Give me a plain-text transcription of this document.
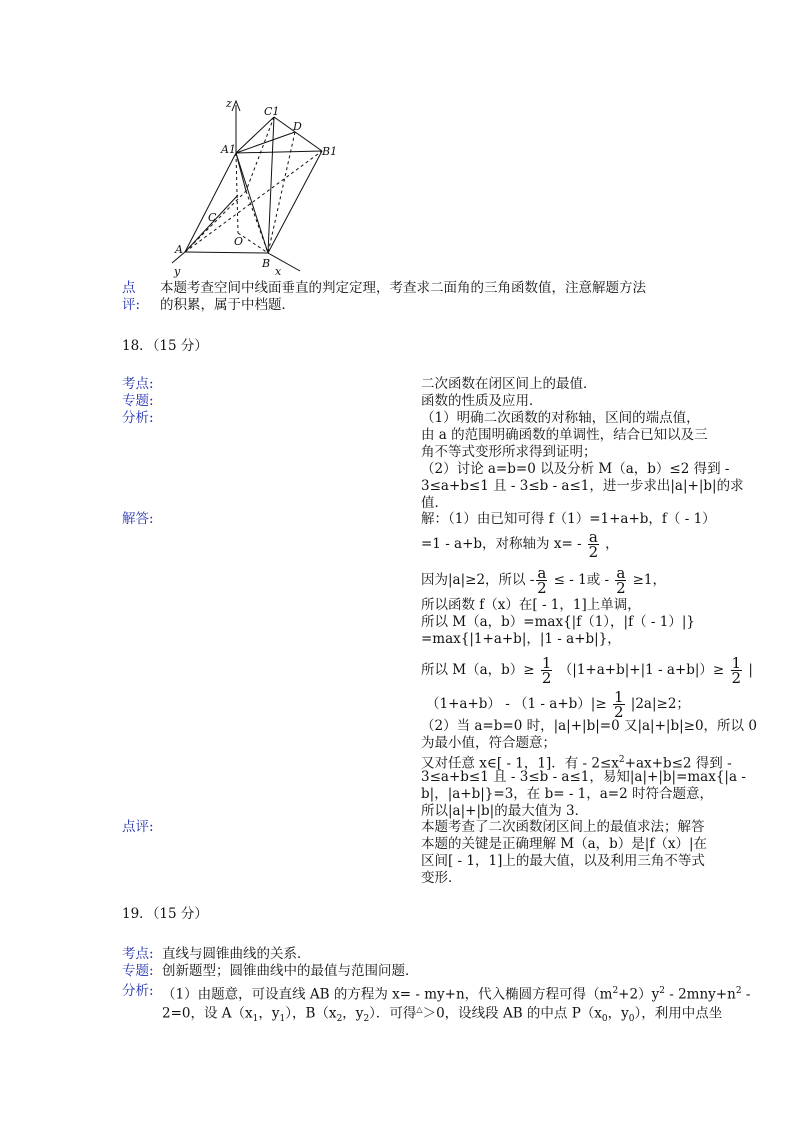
z
C1
D
A1	B1
C
O
A
B
y	x
点
评:
本题考查空间中线面垂直的判定定理，考查求二面角的三角函数值，注意解题方法
的积累，属于中档题．
18．（15 分）
考点:	二次函数在闭区间上的最值．
专题:	函数的性质及应用．
分析:	（1）明确二次函数的对称轴，区间的端点值，
由 a 的范围明确函数的单调性，结合已知以及三
角不等式变形所求得到证明；
（2）讨论 a=b=0 以及分析 M（a，b）≤2 得到 -
3≤a+b≤1 且 - 3≤b - a≤1，进一步求出|a|+|b|的求
值．
解答:	解：（1）由已知可得 f（1）=1+a+b，f（ - 1）
=1 - a+b，对称轴为 $x= - \frac{a}{2}$ ，
因为|a|≥2，所以 - $\frac{a}{2}$ ≤ - 1或 - $\frac{a}{2} \ge 1$，
所以函数 f（x）在[ - 1，1]上单调，
所以 M（a，b）=max{|f（1），|f（ - 1）|}
=max{|1+a+b|，|1 - a+b|}，
所以 M（a，$b)\ge \frac{1}{2} (|1+a+b|+|1 - a+b|)\ge \frac{1}{2}$ |
$(1+a+b) - (1 - a+b)|\ge \frac{1}{2} |2a|\ge 2$；
（2）当 a=b=0 时，|a|+|b|=0 又|a|+|b|≥0，所以 0
为最小值，符合题意；
又对任意 x∈[ - 1，1]．有 - $2\le x^2+ax+b\le 2$ 得到 -
3≤a+b≤1 且 - 3≤b - a≤1，易知|a|+|b|=max{|a -
b|，|a+b|}=3，在 b= - 1，a=2 时符合题意，
所以|a|+|b|的最大值为 3．
点评:	本题考查了二次函数闭区间上的最值求法；解答
本题的关键是正确理解 M（a，b）是|f（x）|在
区间[ - 1，1]上的最大值，以及利用三角不等式
变形．
19．（15 分）
考点: 直线与圆锥曲线的关系．
专题: 创新题型；圆锥曲线中的最值与范围问题．
分析: （1）由题意，可设直线 AB 的方程为 x= - my+n，代入椭圆方程可得$(m^2+2)y^2 - 2mny+n^2$ -
2=0，设 $A(x_1$，$y_1$），$B(x_2$，$y_2$）．可得△＞0，设线段 AB 的中点 $P(x_0$，$y_0$），利用中点坐
